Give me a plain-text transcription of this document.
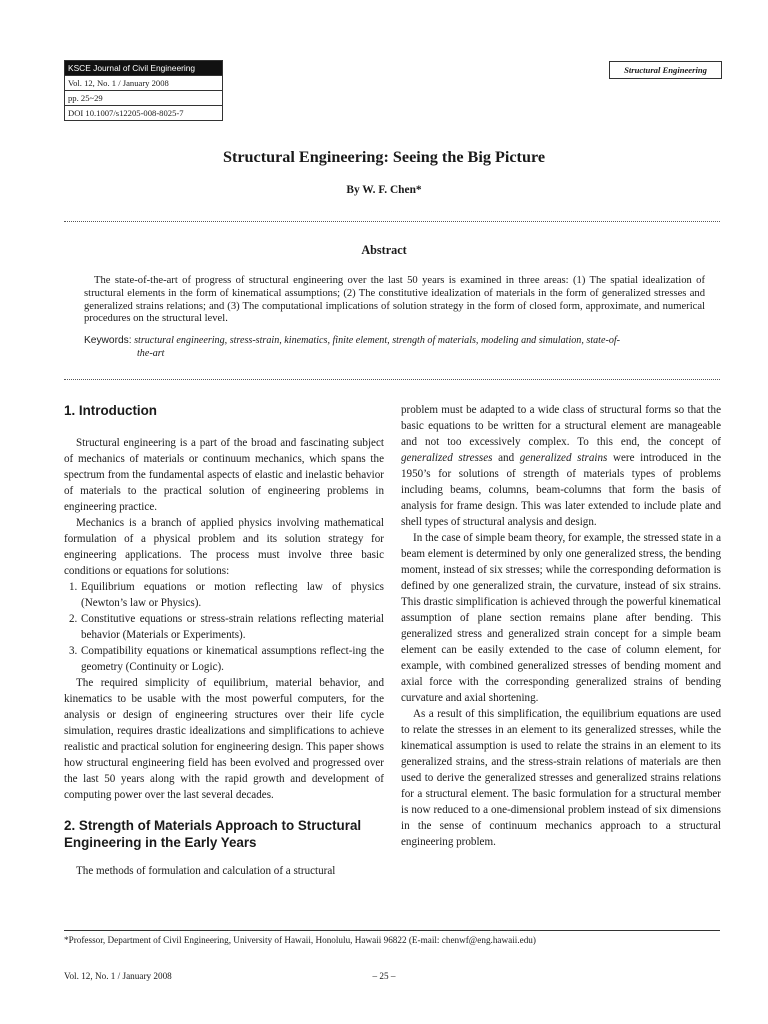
KSCE Journal of Civil Engineering
Vol. 12, No. 1 / January 2008
pp. 25~29
DOI 10.1007/s12205-008-8025-7
Structural Engineering
Structural Engineering: Seeing the Big Picture
By W. F. Chen*
Abstract
The state-of-the-art of progress of structural engineering over the last 50 years is examined in three areas: (1) The spatial idealization of structural elements in the form of kinematical assumptions; (2) The constitutive idealization of materials in the form of generalized stresses and generalized strains relations; and (3) The computational implications of solution strategy in the form of closed form, approximate, and numerical procedures on the structural level.
Keywords: structural engineering, stress-strain, kinematics, finite element, strength of materials, modeling and simulation, state-of-
the-art
1. Introduction

Structural engineering is a part of the broad and fascinating subject of mechanics of materials or continuum mechanics, which spans the spectrum from the fundamental aspects of elastic and inelastic behavior of materials to the practical solution of engineering problems in engineering practice.

Mechanics is a branch of applied physics involving mathematical formulation of a physical problem and its solution strategy for engineering applications. The process must involve three basic conditions or equations for solutions:

1. Equilibrium equations or motion reflecting law of physics (Newton’s law or Physics).
2. Constitutive equations or stress-strain relations reflecting material behavior (Materials or Experiments).
3. Compatibility equations or kinematical assumptions reflect-ing the geometry (Continuity or Logic).

The required simplicity of equilibrium, material behavior, and kinematics to be usable with the most powerful computers, for the analysis or design of engineering structures over their life cycle simulation, requires drastic idealizations and simplifications to achieve realistic and practical solution for engineering design. This paper shows how structural engineering field has been evolved and progressed over the last 50 years along with the rapid growth and development of computing power over the last several decades.

2. Strength of Materials Approach to Structural Engineering in the Early Years

The methods of formulation and calculation of a structural

problem must be adapted to a wide class of structural forms so that the basic equations to be written for a structural element are manageable and not too excessively complex. To this end, the concept of generalized stresses and generalized strains were introduced in the 1950’s for solutions of strength of materials types of problems including beams, columns, beam-columns that form the basis of analysis for frame design. This was later extended to include plate and shell types of structural analysis and design.

In the case of simple beam theory, for example, the stressed state in a beam element is determined by only one generalized stress, the bending moment, instead of six stresses; while the corresponding deformation is defined by one generalized strain, the curvature, instead of six strains. This drastic simplification is achieved through the powerful kinematical assumption of plane section remains plane after bending. This generalized stress and generalized strain concept for a simple beam element can be easily extended to the case of column element, for example, with combined generalized stresses of bending moment and axial force with the corresponding generalized strains of bending curvature and axial shortening.

As a result of this simplification, the equilibrium equations are used to relate the stresses in an element to its generalized stresses, while the kinematical assumption is used to relate the strains in an element to its generalized strains, and the stress-strain relations of materials are then used to derive the generalized stresses and generalized strains relations for a structural element. The basic formulation for a structural member is now reduced to a one-dimensional problem instead of six dimensions in the sense of continuum mechanics approach to a structural engineering problem.

*Professor, Department of Civil Engineering, University of Hawaii, Honolulu, Hawaii 96822 (E-mail: chenwf@eng.hawaii.edu)
Vol. 12, No. 1 / January 2008	– 25 –
